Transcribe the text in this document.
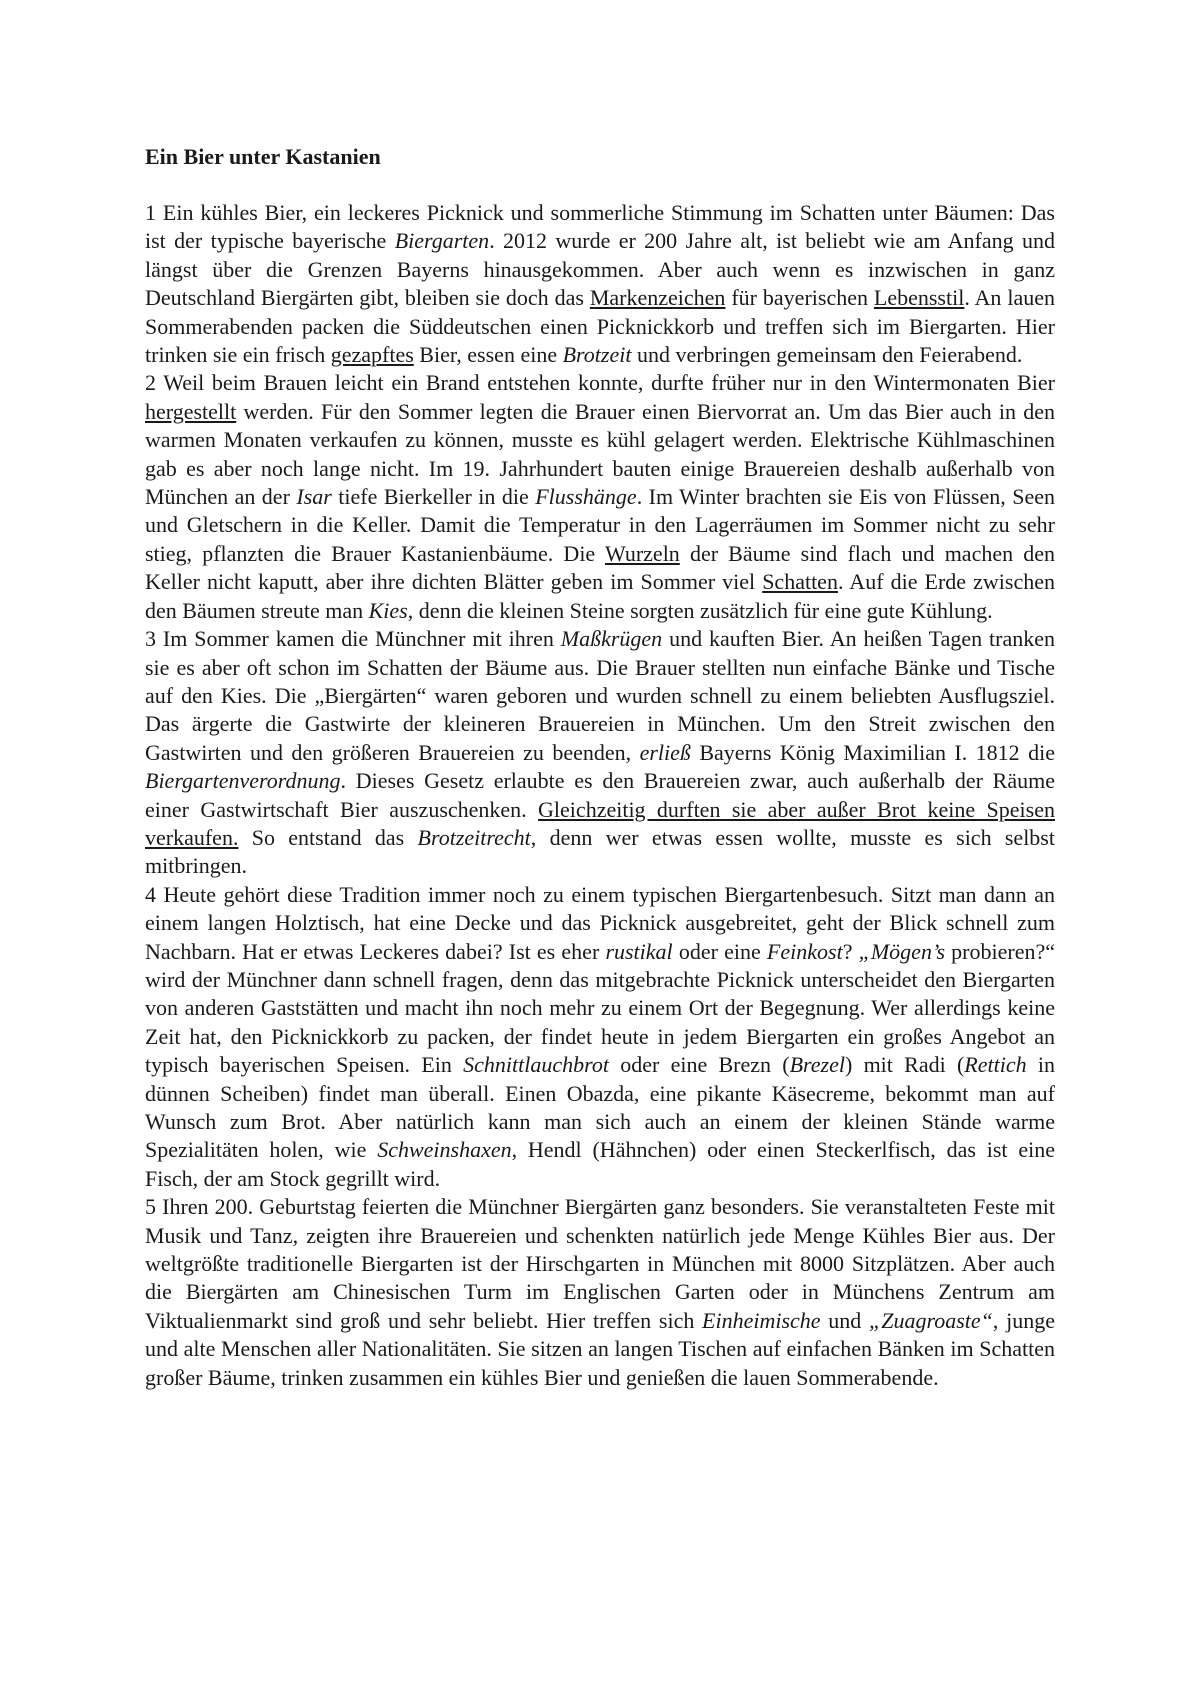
Ein Bier unter Kastanien

1 Ein kühles Bier, ein leckeres Picknick und sommerliche Stimmung im Schatten unter Bäumen: Das ist der typische bayerische Biergarten. 2012 wurde er 200 Jahre alt, ist beliebt wie am Anfang und längst über die Grenzen Bayerns hinausgekommen. Aber auch wenn es inzwischen in ganz Deutschland Biergärten gibt, bleiben sie doch das Markenzeichen für bayerischen Lebensstil. An lauen Sommerabenden packen die Süddeutschen einen Picknickkorb und treffen sich im Biergarten. Hier trinken sie ein frisch gezapftes Bier, essen eine Brotzeit und verbringen gemeinsam den Feierabend.

2 Weil beim Brauen leicht ein Brand entstehen konnte, durfte früher nur in den Wintermonaten Bier hergestellt werden. Für den Sommer legten die Brauer einen Biervorrat an. Um das Bier auch in den warmen Monaten verkaufen zu können, musste es kühl gelagert werden. Elektrische Kühlmaschinen gab es aber noch lange nicht. Im 19. Jahrhundert bauten einige Brauereien deshalb außerhalb von München an der Isar tiefe Bierkeller in die Flusshänge. Im Winter brachten sie Eis von Flüssen, Seen und Gletschern in die Keller. Damit die Temperatur in den Lagerräumen im Sommer nicht zu sehr stieg, pflanzten die Brauer Kastanienbäume. Die Wurzeln der Bäume sind flach und machen den Keller nicht kaputt, aber ihre dichten Blätter geben im Sommer viel Schatten. Auf die Erde zwischen den Bäumen streute man Kies, denn die kleinen Steine sorgten zusätzlich für eine gute Kühlung.

3 Im Sommer kamen die Münchner mit ihren Maßkrügen und kauften Bier. An heißen Tagen tranken sie es aber oft schon im Schatten der Bäume aus. Die Brauer stellten nun einfache Bänke und Tische auf den Kies. Die „Biergärten“ waren geboren und wurden schnell zu einem beliebten Ausflugsziel. Das ärgerte die Gastwirte der kleineren Brauereien in München. Um den Streit zwischen den Gastwirten und den größeren Brauereien zu beenden, erließ Bayerns König Maximilian I. 1812 die Biergartenverordnung. Dieses Gesetz erlaubte es den Brauereien zwar, auch außerhalb der Räume einer Gastwirtschaft Bier auszuschenken. Gleichzeitig durften sie aber außer Brot keine Speisen verkaufen. So entstand das Brotzeitrecht, denn wer etwas essen wollte, musste es sich selbst mitbringen.

4 Heute gehört diese Tradition immer noch zu einem typischen Biergartenbesuch. Sitzt man dann an einem langen Holztisch, hat eine Decke und das Picknick ausgebreitet, geht der Blick schnell zum Nachbarn. Hat er etwas Leckeres dabei? Ist es eher rustikal oder eine Feinkost? „Mögen’s probieren?“ wird der Münchner dann schnell fragen, denn das mitgebrachte Picknick unterscheidet den Biergarten von anderen Gaststätten und macht ihn noch mehr zu einem Ort der Begegnung. Wer allerdings keine Zeit hat, den Picknickkorb zu packen, der findet heute in jedem Biergarten ein großes Angebot an typisch bayerischen Speisen. Ein Schnittlauchbrot oder eine Brezn (Brezel) mit Radi (Rettich in dünnen Scheiben) findet man überall. Einen Obazda, eine pikante Käsecreme, bekommt man auf Wunsch zum Brot. Aber natürlich kann man sich auch an einem der kleinen Stände warme Spezialitäten holen, wie Schweinshaxen, Hendl (Hähnchen) oder einen Steckerlfisch, das ist eine Fisch, der am Stock gegrillt wird.

5 Ihren 200. Geburtstag feierten die Münchner Biergärten ganz besonders. Sie veranstalteten Feste mit Musik und Tanz, zeigten ihre Brauereien und schenkten natürlich jede Menge Kühles Bier aus. Der weltgrößte traditionelle Biergarten ist der Hirschgarten in München mit 8000 Sitzplätzen. Aber auch die Biergärten am Chinesischen Turm im Englischen Garten oder in Münchens Zentrum am Viktualienmarkt sind groß und sehr beliebt. Hier treffen sich Einheimische und „Zuagroaste“, junge und alte Menschen aller Nationalitäten. Sie sitzen an langen Tischen auf einfachen Bänken im Schatten großer Bäume, trinken zusammen ein kühles Bier und genießen die lauen Sommerabende.
